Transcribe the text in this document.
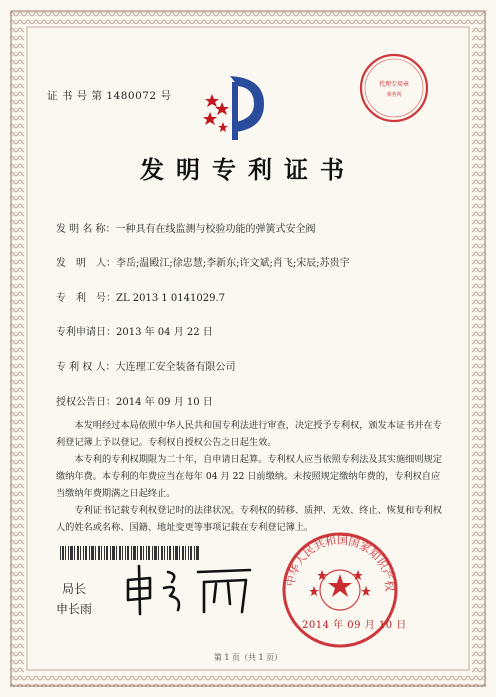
证 书 号 第 1480072 号
代理专用章
事务所
发明专利证书
发 明 名 称：一种具有在线监测与校验功能的弹簧式安全阀
发　明　人：李岳;温殿江;徐忠慧;李新东;许文斌;肖飞;宋辰;苏贵宇
专　利　号：ZL 2013 1 0141029.7
专利申请日：2013 年 04 月 22 日
专 利 权 人：大连理工安全装备有限公司
授权公告日：2014 年 09 月 10 日

本发明经过本局依照中华人民共和国专利法进行审查，决定授予专利权，颁发本证书并在专利登记簿上予以登记。专利权自授权公告之日起生效。

本专利的专利权期限为二十年，自申请日起算。专利权人应当依照专利法及其实施细则规定缴纳年费。本专利的年费应当在每年 04 月 22 日前缴纳。未按照规定缴纳年费的，专利权自应当缴纳年费期满之日起终止。

专利证书记载专利权登记时的法律状况。专利权的转移、质押、无效、终止、恢复和专利权人的姓名或名称、国籍、地址变更等事项记载在专利登记簿上。

局长
申长雨
中华人民共和国国家知识产权
2014 年 09 月 10 日
第 1 页（共 1 页）
